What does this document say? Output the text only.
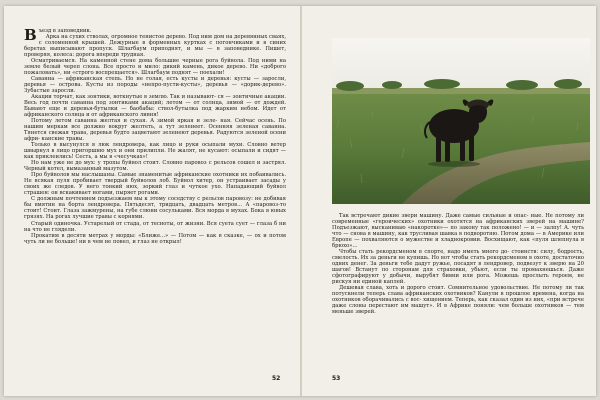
Въезд в заповедник.

Арка на сухих стволах, огромное тенистое дерево. Под ним дом на деревянных сваях, с соломенной крышей. Дежурные в форменных куртках с погончиками и в синих беретах выписывают пропуск. Шлагбаум приподнят, и мы — в заповеднике. Пишет, проверяя, колеса: дорога впереди трудная.

Осматриваемся. На каменной стене дома большие черные рога буйвола. Под ними на земле белый череп слона. Все просто и мило: дикий камень, дикое дерево. Ни «доброго пожаловать», ни «строго воспрещается». Шлагбаум поднят — поехали!

Саванна — африканская степь. Но не голая, есть кусты и деревья: кусты — заросли, деревья — острова. Кусты из породы «непро-пусти-кусты», деревья — «дорик-дерево». Зубастые заросли.

Акации торчат, как зонтики, воткнутые в землю. Так и называют- ся — зонтичные акации. Весь год почти саванна под зонтиками акаций; летом — от солнца, зимой — от дождей. Бывают еще и деревья-бутылки — баобабы: ствол-бутылка под жарким небом. Идет от африканского солнца и от африканского ливня!

Потому летом саванна желтая и сухая. А зимой яркая и зеле- ная. Сейчас осень. По нашим меркам все должно вокруг желтеть, а тут зеленеет. Осенняя зеленая саванна. Тянется свежая трава, деревья будто зацветают зеленеют деревья. Радуются зеленой осени афри- канские травы.

Только в высунулся в люк лендровера, как лицо и руки осыпали мухи. Словно ветер швырнул в лицо пригоршню мух и они прилипли. Не жалят, не кусают: осыпали и сидят — как приклеились! Сесть, а мы в «чесучках»!

Но нам уже не до мух: у тропы буйвол стоит. Словно паровоз с рельсов сошел и застрял. Черный котел, вымазанный мазутом.

Про буйволов мы наслышаны. Самые знаменитые африканские охотники их побаивались. Не всякая пуля пробивает твердый буйволов лоб. Буйвол хитер, он устраивает засады у своих же следов. У него тонкий нюх, зоркий глаз и чуткое ухо. Нападающий буйвол страшен: он вскакивает ногами, пыряет рогами.

С должным почтением подъезжаем мы к этому соседству с рельсов паровозу: не добивая бы вмятин на борта лендровера. Пятьдесят, тридцать, двадцать метров... А «паровоз-то стоит! Стоит. Глаза зажмурены, на губе слюни сосульками. Вся морда в мухах. Бока в юных грязях. На рогах лучшие травы с корнями.

Старый одиночка. Устарелый от стада, от тесноты, от жизни. Вся суета сует — глаза б ни на что не глядели.

Прокатим в десяти метрах у морды: «Ближе...» — Потом — как в сказке, — ох и потом чуть ли не больше! ни в чем не повел, и глаз не открыл!

52

Так встречают дикие звери машину. Даже самые сильные и опас- ные. Не потому ли современные «героических» охотники охотятся на африканских зверей на машине? Подъезжают, высканиваю «накоротке»— по закону так положено! — и — залпу! А. чуть что — снова в машину, как трусливая шавка в подворотню. Потом дома — в Америке или Европе — похваляются о мужестве и хладнокровии. Восхищают, как «пуля шлепнула в брюхо»...

Чтобы стать рекордсменом в спорте, надо иметь много до- стоинств: силу, бодрость, смелость. Их за деньги не купишь. Но вот чтобы стать рекордсменом в охоте, достаточно одних денег. За деньги тебе дадут ружье, посадят в лендровер, подвезут к зверю на 20 шагов! Встанут по сторонам для страховки, убьют, если ты промахнешься. Даже сфотографируют у добычи, вырубят бивни или рога. Можешь прослыть героем, не рискуя ни единой каплей.

Дешевая слава, хоть и дорого стоит. Сомнительное удовольствие. Не потому ли так потускнели теперь слава африканских охотников? Канули в прошлое времена, когда на охотников оборачивались с вос- хищением. Теперь, как сказал один из них, «при встрече даже слоны перестают им машут». И в Африке поняли: чем больше охотников — тем меньше зверей.

53
